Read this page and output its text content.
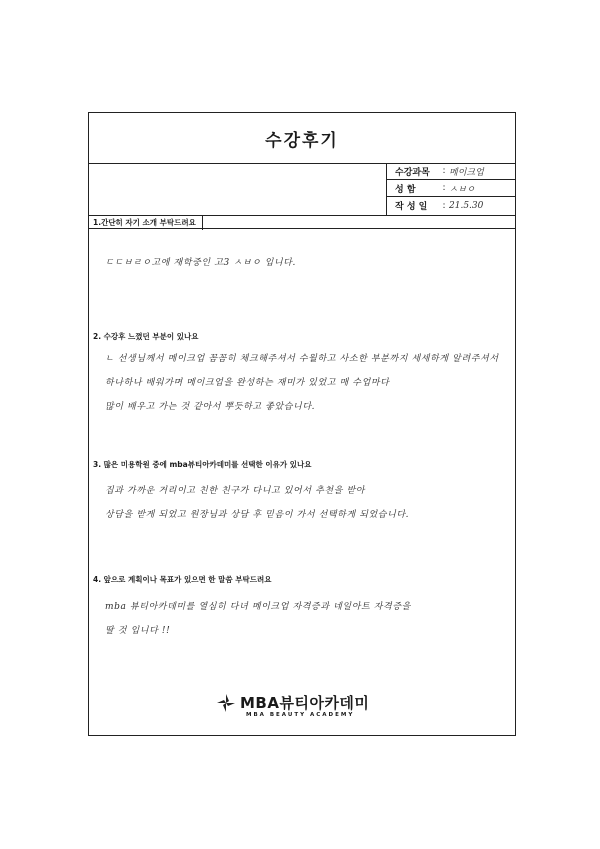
수강후기
수강과목	: 메이크업
성 함	: ㅅㅂㅇ
작 성 일	: 21.5.30
1.간단히 자기 소개 부탁드려요
ㄷㄷㅂㄹㅇ고에 재학중인 고3 ㅅㅂㅇ 입니다.
2. 수강후 느꼈던 부분이 있나요
ㄴ 선생님께서 메이크업 꼼꼼히 체크해주셔서 수월하고 사소한 부분까지 세세하게 알려주셔서
하나하나 배워가며 메이크업을 완성하는 재미가 있었고 매 수업마다
많이 배우고 가는 것 같아서 뿌듯하고 좋았습니다.
3. 많은 미용학원 중에 mba뷰티아카데미를 선택한 이유가 있나요
집과 가까운 거리이고 친한 친구가 다니고 있어서 추천을 받아
상담을 받게 되었고 원장님과 상담 후 믿음이 가서 선택하게 되었습니다.
4. 앞으로 계획이나 목표가 있으면 한 말씀 부탁드려요
mba 뷰티아카데미를 열심히 다녀 메이크업 자격증과 네일아트 자격증을
딸 것 입니다 !!
MBA뷰티아카데미
MBA BEAUTY ACADEMY
